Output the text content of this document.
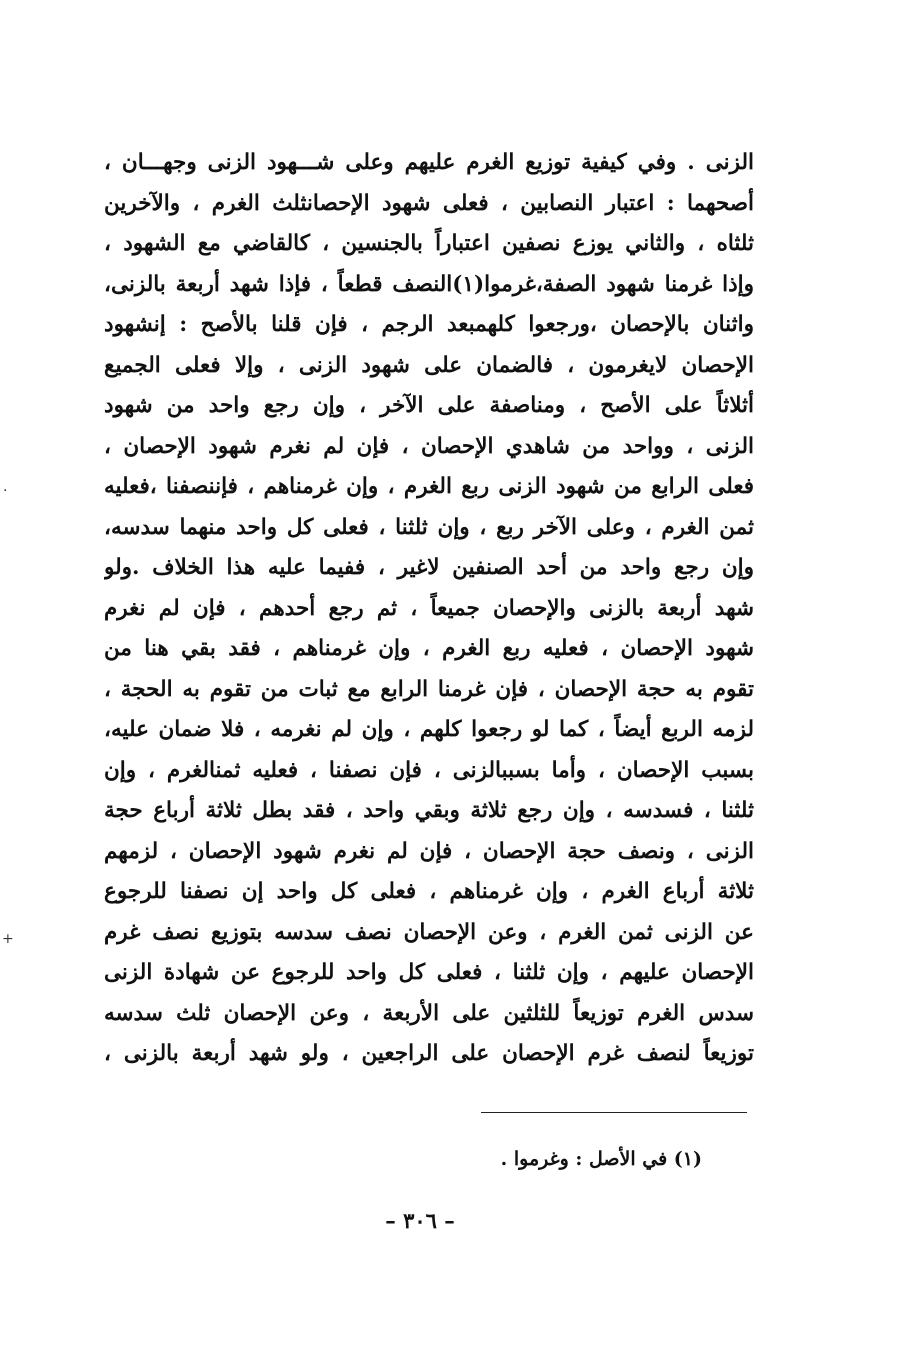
الزنى . وفي كيفية توزيع الغرم عليهم وعلى شـــهود الزنى وجهـــان ،
أصحهما : اعتبار النصابين ، فعلى شهود الإحصانثلث الغرم ، والآخرين
ثلثاه ، والثاني يوزع نصفين اعتباراً بالجنسين ، كالقاضي مع الشهود ،
وإذا غرمنا شهود الصفة،غرموا(١)النصف قطعاً ، فإذا شهد أربعة بالزنى،
واثنان بالإحصان ،ورجعوا كلهمبعد الرجم ، فإن قلنا بالأصح : إنشهود
الإحصان لايغرمون ، فالضمان على شهود الزنى ، وإلا فعلى الجميع
أثلاثاً على الأصح ، ومناصفة على الآخر ، وإن رجع واحد من شهود
الزنى ، وواحد من شاهدي الإحصان ، فإن لم نغرم شهود الإحصان ،
فعلى الرابع من شهود الزنى ربع الغرم ، وإن غرمناهم ، فإننصفنا ،فعليه
ثمن الغرم ، وعلى الآخر ربع ، وإن ثلثنا ، فعلى كل واحد منهما سدسه،
وإن رجع واحد من أحد الصنفين لاغير ، ففيما عليه هذا الخلاف .ولو
شهد أربعة بالزنى والإحصان جميعاً ، ثم رجع أحدهم ، فإن لم نغرم
شهود الإحصان ، فعليه ربع الغرم ، وإن غرمناهم ، فقد بقي هنا من
تقوم به حجة الإحصان ، فإن غرمنا الرابع مع ثبات من تقوم به الحجة ،
لزمه الربع أيضاً ، كما لو رجعوا كلهم ، وإن لم نغرمه ، فلا ضمان عليه،
بسبب الإحصان ، وأما بسببالزنى ، فإن نصفنا ، فعليه ثمنالغرم ، وإن
ثلثنا ، فسدسه ، وإن رجع ثلاثة وبقي واحد ، فقد بطل ثلاثة أرباع حجة
الزنى ، ونصف حجة الإحصان ، فإن لم نغرم شهود الإحصان ، لزمهم
ثلاثة أرباع الغرم ، وإن غرمناهم ، فعلى كل واحد إن نصفنا للرجوع
عن الزنى ثمن الغرم ، وعن الإحصان نصف سدسه بتوزيع نصف غرم
الإحصان عليهم ، وإن ثلثنا ، فعلى كل واحد للرجوع عن شهادة الزنى
سدس الغرم توزيعاً للثلثين على الأربعة ، وعن الإحصان ثلث سدسه
توزيعاً لنصف غرم الإحصان على الراجعين ، ولو شهد أربعة بالزنى ،
(١) في الأصل : وغرموا .
– ٣٠٦ –
·
+
